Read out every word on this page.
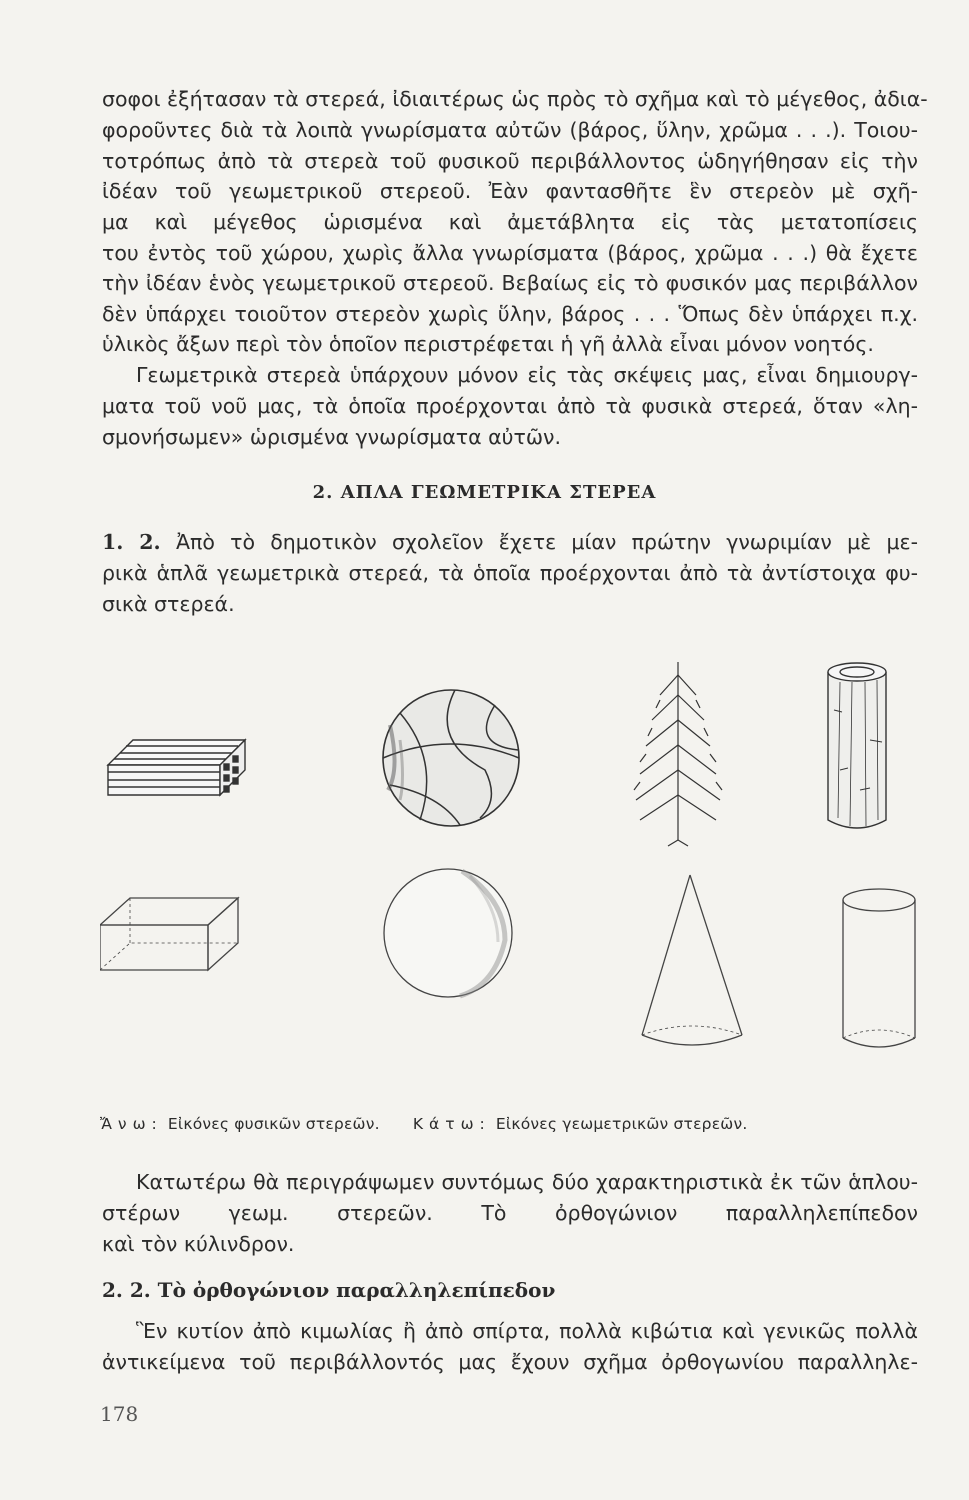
σοφοι ἐξήτασαν τὰ στερεά, ἰδιαιτέρως ὡς πρὸς τὸ σχῆμα καὶ τὸ μέγεθος, ἀδια-
φοροῦντες διὰ τὰ λοιπὰ γνωρίσματα αὐτῶν (βάρος, ὕλην, χρῶμα . . .). Τοιου-
τοτρόπως ἀπὸ τὰ στερεὰ τοῦ φυσικοῦ περιβάλλοντος ὡδηγήθησαν εἰς τὴν
ἰδέαν τοῦ γεωμετρικοῦ στερεοῦ. Ἐὰν φαντασθῆτε ἓν στερεὸν μὲ σχῆ-
μα καὶ μέγεθος ὡρισμένα καὶ ἀμετάβλητα εἰς τὰς μετατοπίσεις
του ἐντὸς τοῦ χώρου, χωρὶς ἄλλα γνωρίσματα (βάρος, χρῶμα . . .) θὰ ἔχετε
τὴν ἰδέαν ἑνὸς γεωμετρικοῦ στερεοῦ. Βεβαίως εἰς τὸ φυσικόν μας περιβάλλον
δὲν ὑπάρχει τοιοῦτον στερεὸν χωρὶς ὕλην, βάρος . . . Ὅπως δὲν ὑπάρχει π.χ.
ὑλικὸς ἄξων περὶ τὸν ὁποῖον περιστρέφεται ἡ γῆ ἀλλὰ εἶναι μόνον νοητός.
Γεωμετρικὰ στερεὰ ὑπάρχουν μόνον εἰς τὰς σκέψεις μας, εἶναι δημιουργ-
ματα τοῦ νοῦ μας, τὰ ὁποῖα προέρχονται ἀπὸ τὰ φυσικὰ στερεά, ὅταν «λη-
σμονήσωμεν» ὡρισμένα γνωρίσματα αὐτῶν.
2. ΑΠΛΑ ΓΕΩΜΕΤΡΙΚΑ ΣΤΕΡΕΑ
1. 2. Ἀπὸ τὸ δημοτικὸν σχολεῖον ἔχετε μίαν πρώτην γνωριμίαν μὲ με-
ρικὰ ἁπλᾶ γεωμετρικὰ στερεά, τὰ ὁποῖα προέρχονται ἀπὸ τὰ ἀντίστοιχα φυ-
σικὰ στερεά.
Ἄνω: Εἰκόνες φυσικῶν στερεῶν. Κάτω: Εἰκόνες γεωμετρικῶν στερεῶν.
Κατωτέρω θὰ περιγράψωμεν συντόμως δύο χαρακτηριστικὰ ἐκ τῶν ἁπλου-
στέρων γεωμ. στερεῶν. Τὸ ὀρθογώνιον παραλληλεπίπεδον
καὶ τὸν κύλινδρον.
2. 2. Τὸ ὀρθογώνιον παραλληλεπίπεδον
Ἓν κυτίον ἀπὸ κιμωλίας ἢ ἀπὸ σπίρτα, πολλὰ κιβώτια καὶ γενικῶς πολλὰ
ἀντικείμενα τοῦ περιβάλλοντός μας ἔχουν σχῆμα ὀρθογωνίου παραλληλε-
178
